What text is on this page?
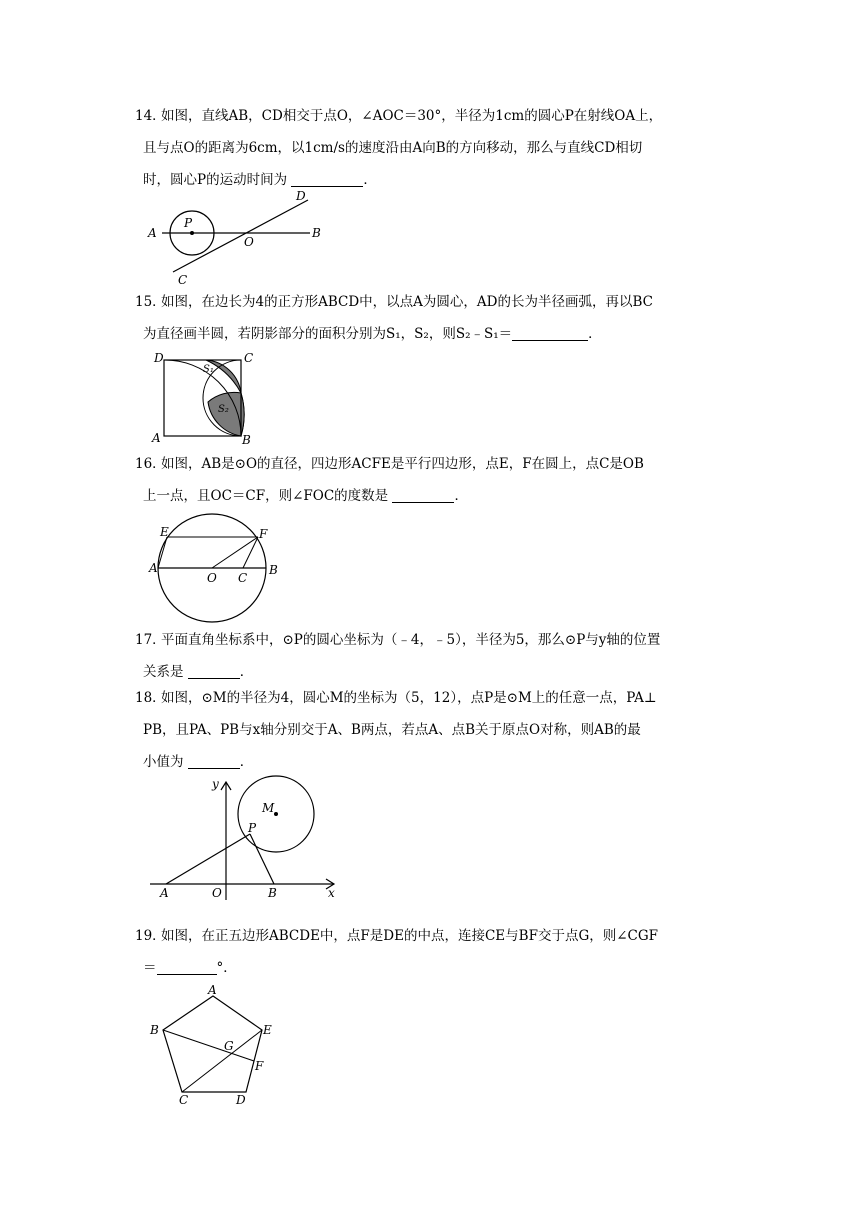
14．如图，直线AB，CD相交于点O，∠AOC＝30°，半径为1cm的圆心P在射线OA上，

且与点O的距离为6cm，以1cm/s的速度沿由A向B的方向移动，那么与直线CD相切

时，圆心P的运动时间为	．

A
P
O
B
D
C

15．如图，在边长为4的正方形ABCD中，以点A为圆心，AD的长为半径画弧，再以BC

为直径画半圆，若阴影部分的面积分别为S₁，S₂，则S₂﹣S₁＝	．

D	C
A	B
S₁
S₂

16．如图，AB是⊙O的直径，四边形ACFE是平行四边形，点E，F在圆上，点C是OB

上一点，且OC＝CF，则∠FOC的度数是	．

E	F
A
O C
B

17．平面直角坐标系中，⊙P的圆心坐标为（﹣4，﹣5），半径为5，那么⊙P与y轴的位置

关系是	．

18．如图，⊙M的半径为4，圆心M的坐标为（5，12），点P是⊙M上的任意一点，PA⊥

PB，且PA、PB与x轴分别交于A、B两点，若点A、点B关于原点O对称，则AB的最

小值为	．

y
M
P
A	O	B	x

19．如图，在正五边形ABCDE中，点F是DE的中点，连接CE与BF交于点G，则∠CGF

＝	°．

A
B	E
G
F
C	D
